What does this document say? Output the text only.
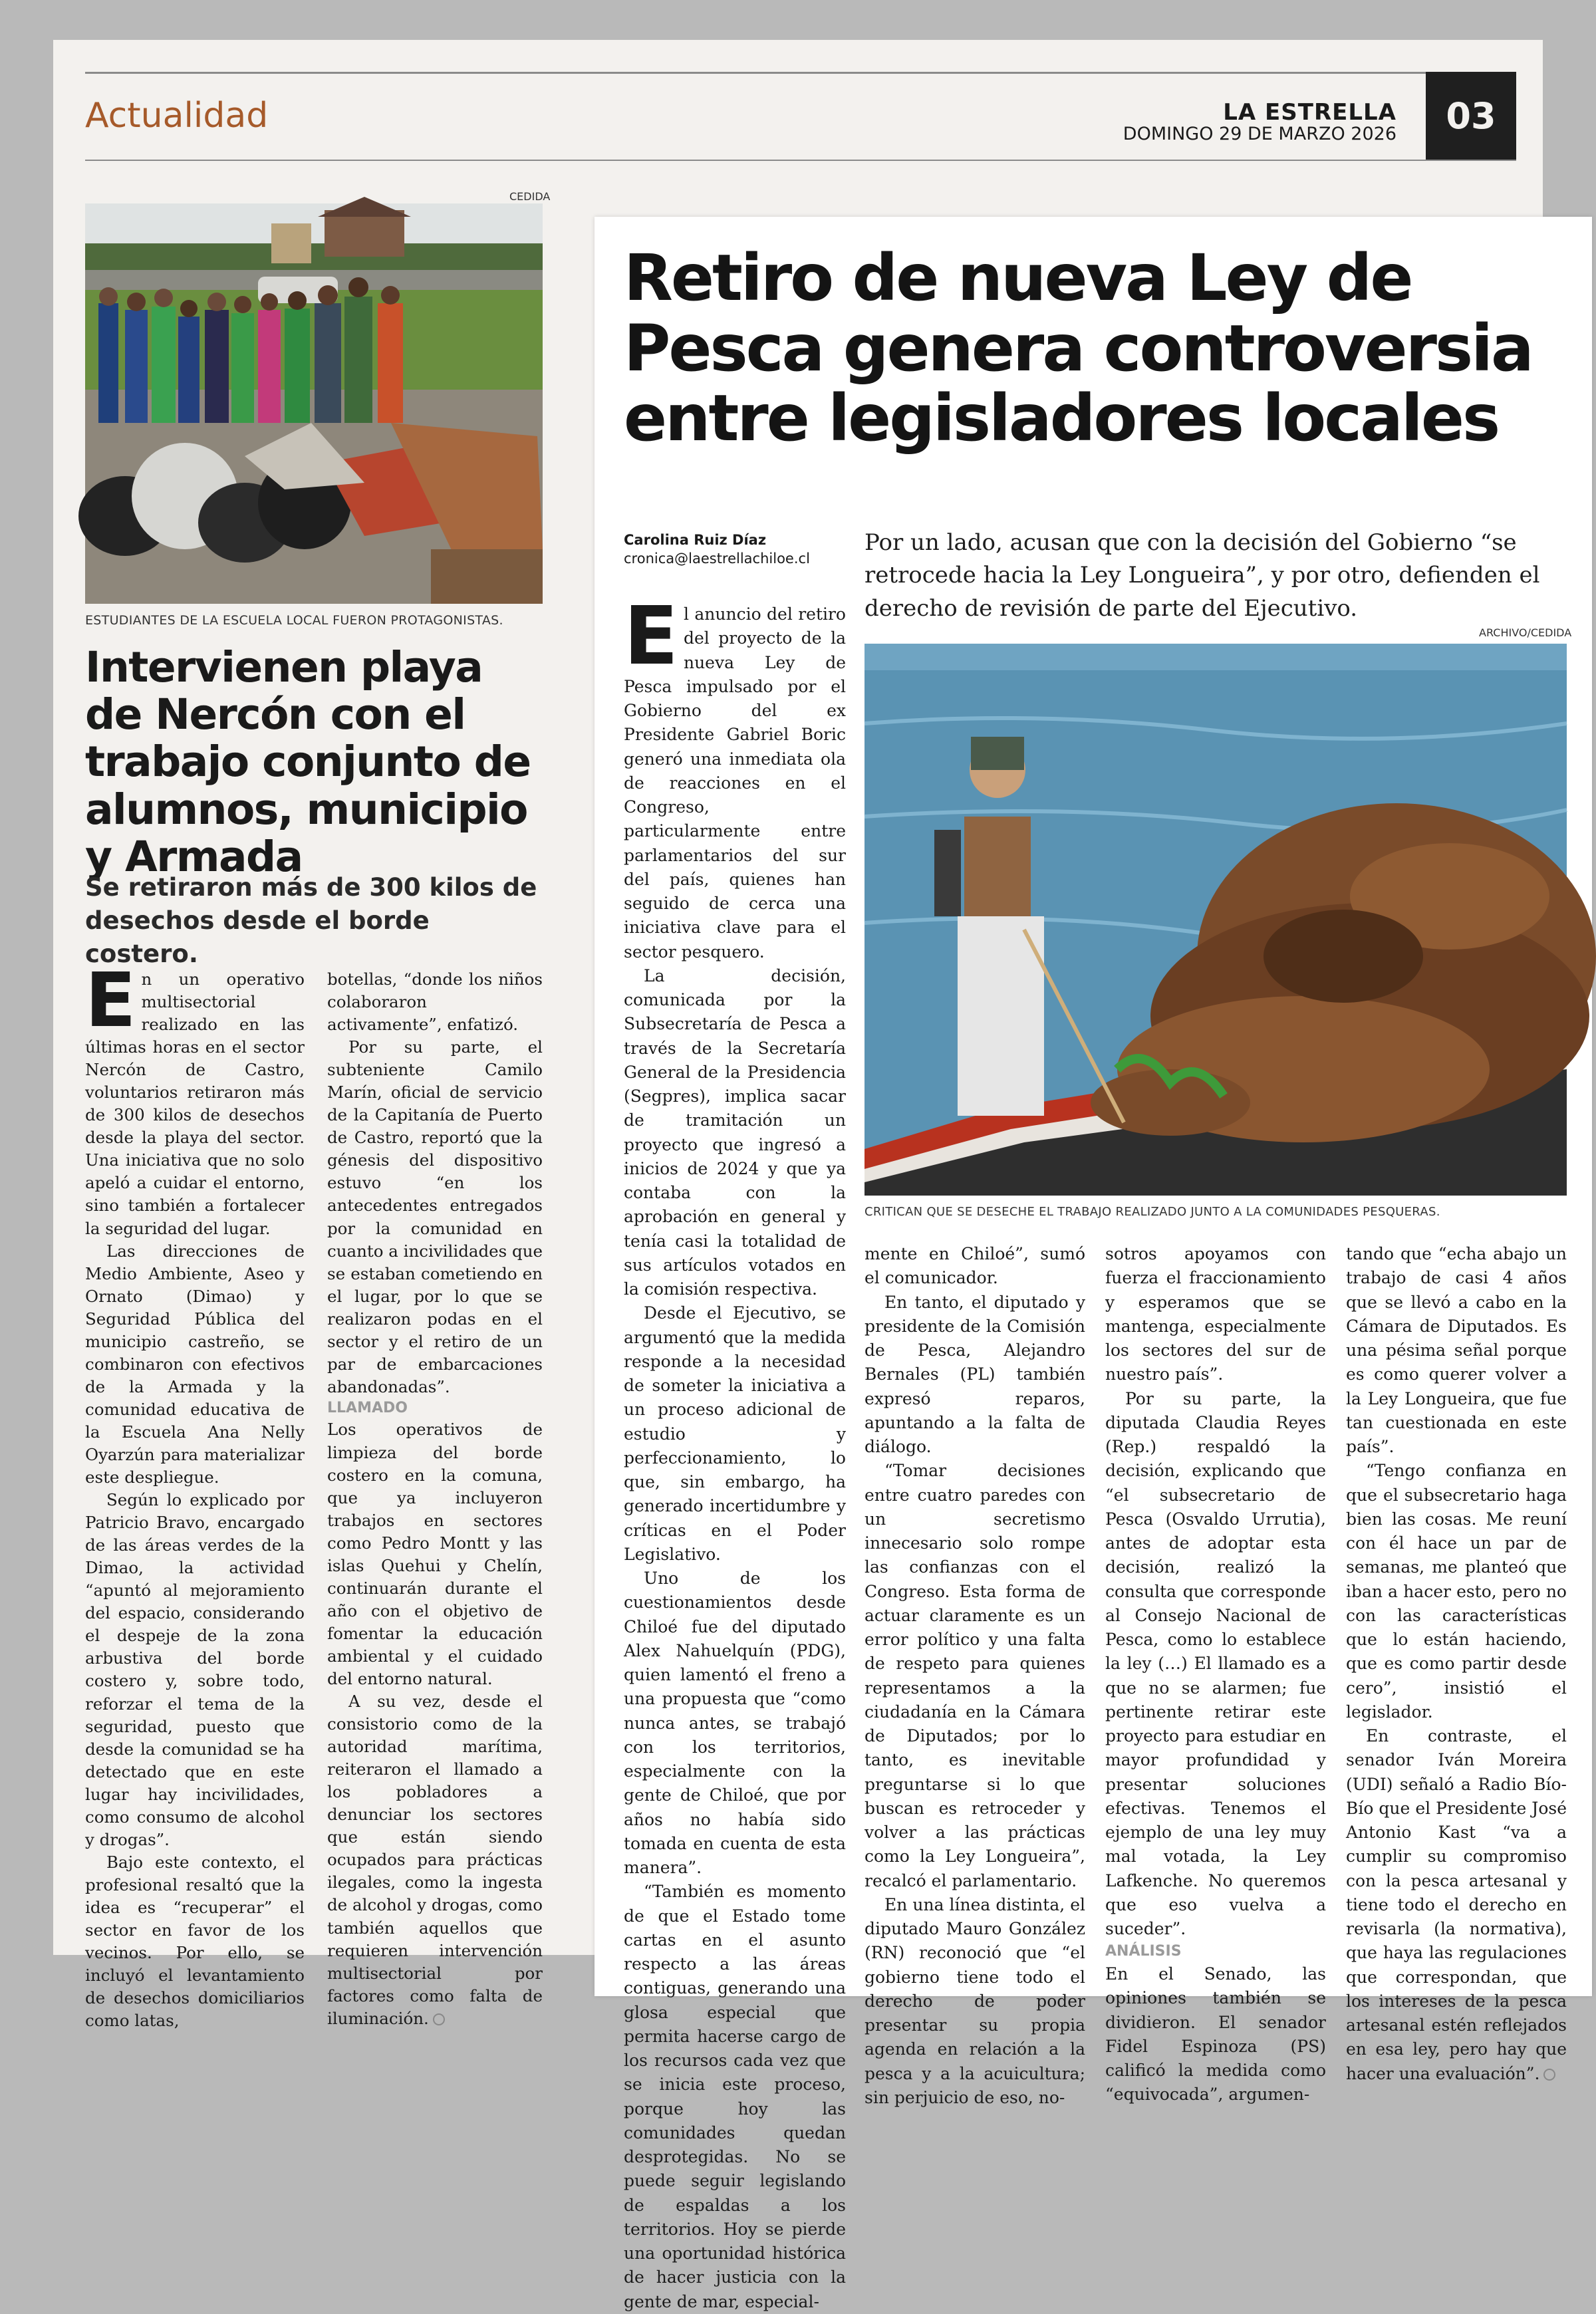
Actualidad	LA ESTRELLA
DOMINGO 29 DE MARZO 2026	03
CEDIDA
ESTUDIANTES DE LA ESCUELA LOCAL FUERON PROTAGONISTAS.
Intervienen playa de Nercón con el trabajo conjunto de alumnos, municipio y Armada

Se retiraron más de 300 kilos de desechos desde el borde costero.

En un operativo multisectorial realizado en las últimas horas en el sector Nercón de Castro, voluntarios retiraron más de 300 kilos de desechos desde la playa del sector. Una iniciativa que no solo apeló a cuidar el entorno, sino también a fortalecer la seguridad del lugar.

Las direcciones de Medio Ambiente, Aseo y Ornato (Dimao) y Seguridad Pública del municipio castreño, se combinaron con efectivos de la Armada y la comunidad educativa de la Escuela Ana Nelly Oyarzún para materializar este despliegue.

Según lo explicado por Patricio Bravo, encargado de las áreas verdes de la Dimao, la actividad “apuntó al mejoramiento del espacio, considerando el despeje de la zona arbustiva del borde costero y, sobre todo, reforzar el tema de la seguridad, puesto que desde la comunidad se ha detectado que en este lugar hay incivilidades, como consumo de alcohol y drogas”.

Bajo este contexto, el profesional resaltó que la idea es “recuperar” el sector en favor de los vecinos. Por ello, se incluyó el levantamiento de desechos domiciliarios como latas,

botellas, “donde los niños colaboraron activamente”, enfatizó.

Por su parte, el subteniente Camilo Marín, oficial de servicio de la Capitanía de Puerto de Castro, reportó que la génesis del dispositivo estuvo “en los antecedentes entregados por la comunidad en cuanto a incivilidades que se estaban cometiendo en el lugar, por lo que se realizaron podas en el sector y el retiro de un par de embarcaciones abandonadas”.

LLAMADO

Los operativos de limpieza del borde costero en la comuna, que ya incluyeron trabajos en sectores como Pedro Montt y las islas Quehui y Chelín, continuarán durante el año con el objetivo de fomentar la educación ambiental y el cuidado del entorno natural.

A su vez, desde el consistorio como de la autoridad marítima, reiteraron el llamado a los pobladores a denunciar los sectores que están siendo ocupados para prácticas ilegales, como la ingesta de alcohol y drogas, como también aquellos que requieren intervención multisectorial por factores como falta de iluminación.

Retiro de nueva Ley de Pesca genera controversia entre legisladores locales
Carolina Ruiz Díaz
cronica@laestrellachiloe.cl

Por un lado, acusan que con la decisión del Gobierno “se retrocede hacia la Ley Longueira”, y por otro, defienden el derecho de revisión de parte del Ejecutivo.

ARCHIVO/CEDIDA
CRITICAN QUE SE DESECHE EL TRABAJO REALIZADO JUNTO A LA COMUNIDADES PESQUERAS.

El anuncio del retiro del proyecto de la nueva Ley de Pesca impulsado por el Gobierno del ex Presidente Gabriel Boric generó una inmediata ola de reacciones en el Congreso, particularmente entre parlamentarios del sur del país, quienes han seguido de cerca una iniciativa clave para el sector pesquero.

La decisión, comunicada por la Subsecretaría de Pesca a través de la Secretaría General de la Presidencia (Segpres), implica sacar de tramitación un proyecto que ingresó a inicios de 2024 y que ya contaba con la aprobación en general y tenía casi la totalidad de sus artículos votados en la comisión respectiva.

Desde el Ejecutivo, se argumentó que la medida responde a la necesidad de someter la iniciativa a un proceso adicional de estudio y perfeccionamiento, lo que, sin embargo, ha generado incertidumbre y críticas en el Poder Legislativo.

Uno de los cuestionamientos desde Chiloé fue del diputado Alex Nahuelquín (PDG), quien lamentó el freno a una propuesta que “como nunca antes, se trabajó con los territorios, especialmente con la gente de Chiloé, que por años no había sido tomada en cuenta de esta manera”.

“También es momento de que el Estado tome cartas en el asunto respecto a las áreas contiguas, generando una glosa especial que permita hacerse cargo de los recursos cada vez que se inicia este proceso, porque hoy las comunidades quedan desprotegidas. No se puede seguir legislando de espaldas a los territorios. Hoy se pierde una oportunidad histórica de hacer justicia con la gente de mar, especial-

mente en Chiloé”, sumó el comunicador.

En tanto, el diputado y presidente de la Comisión de Pesca, Alejandro Bernales (PL) también expresó reparos, apuntando a la falta de diálogo.

“Tomar decisiones entre cuatro paredes con un secretismo innecesario solo rompe las confianzas con el Congreso. Esta forma de actuar claramente es un error político y una falta de respeto para quienes representamos a la ciudadanía en la Cámara de Diputados; por lo tanto, es inevitable preguntarse si lo que buscan es retroceder y volver a las prácticas como la Ley Longueira”, recalcó el parlamentario.

En una línea distinta, el diputado Mauro González (RN) reconoció que “el gobierno tiene todo el derecho de poder presentar su propia agenda en relación a la pesca y a la acuicultura; sin perjuicio de eso, no-

sotros apoyamos con fuerza el fraccionamiento y esperamos que se mantenga, especialmente los sectores del sur de nuestro país”.

Por su parte, la diputada Claudia Reyes (Rep.) respaldó la decisión, explicando que “el subsecretario de Pesca (Osvaldo Urrutia), antes de adoptar esta decisión, realizó la consulta que corresponde al Consejo Nacional de Pesca, como lo establece la ley (…) El llamado es a que no se alarmen; fue pertinente retirar este proyecto para estudiar en mayor profundidad y presentar soluciones efectivas. Tenemos el ejemplo de una ley muy mal votada, la Ley Lafkenche. No queremos que eso vuelva a suceder”.

ANÁLISIS

En el Senado, las opiniones también se dividieron. El senador Fidel Espinoza (PS) calificó la medida como “equivocada”, argumen-

tando que “echa abajo un trabajo de casi 4 años que se llevó a cabo en la Cámara de Diputados. Es una pésima señal porque es como querer volver a la Ley Longueira, que fue tan cuestionada en este país”.

“Tengo confianza en que el subsecretario haga bien las cosas. Me reuní con él hace un par de semanas, me planteó que iban a hacer esto, pero no con las características que lo están haciendo, que es como partir desde cero”, insistió el legislador.

En contraste, el senador Iván Moreira (UDI) señaló a Radio Bío-Bío que el Presidente José Antonio Kast “va a cumplir su compromiso con la pesca artesanal y tiene todo el derecho en revisarla (la normativa), que haya las regulaciones que correspondan, que los intereses de la pesca artesanal estén reflejados en esa ley, pero hay que hacer una evaluación”.
